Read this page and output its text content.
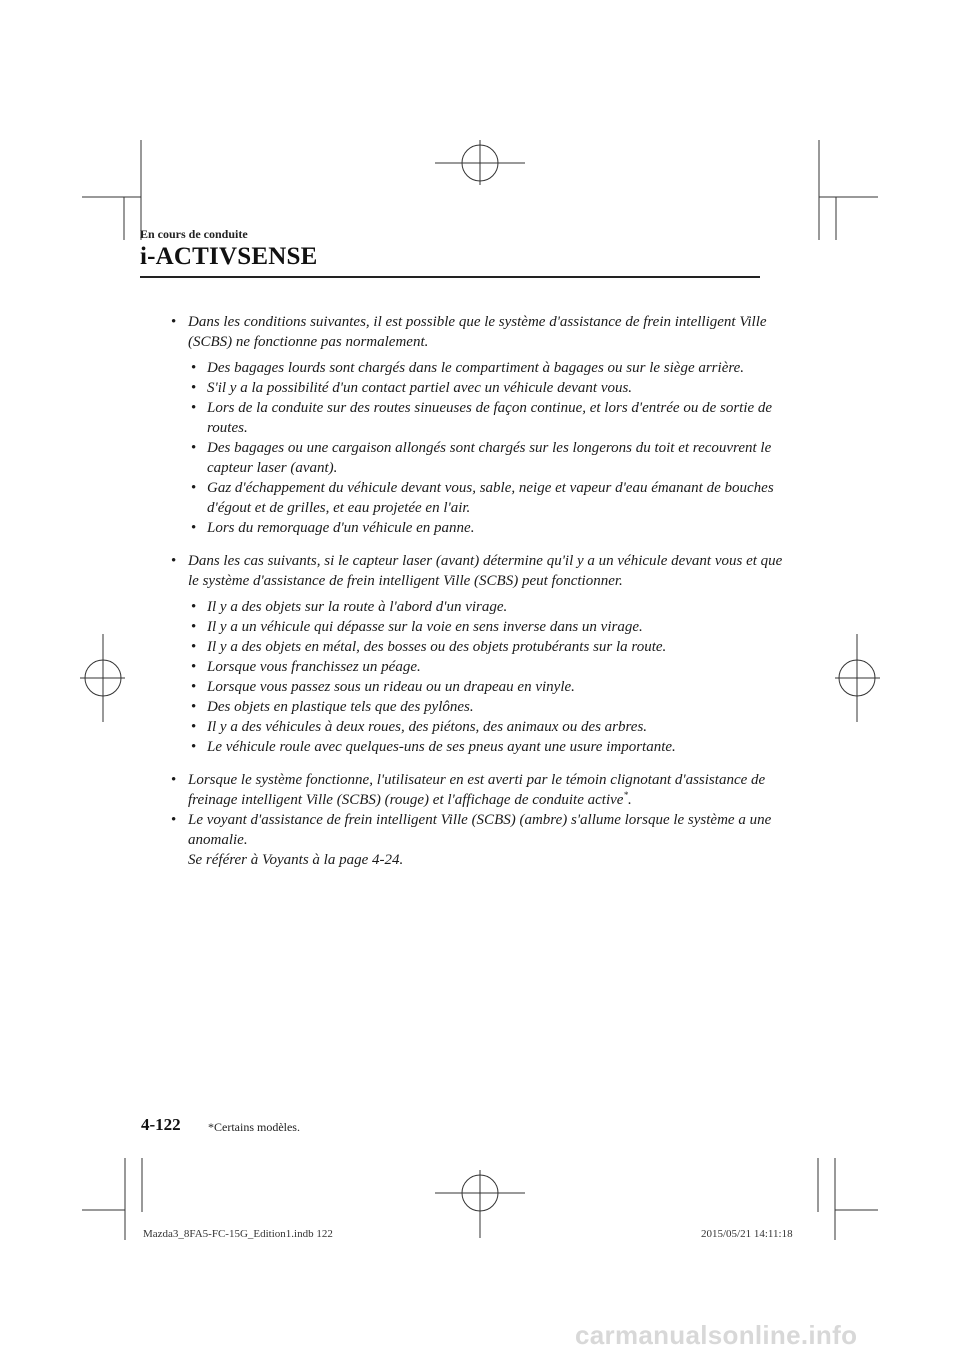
En cours de conduite
i-ACTIVSENSE
• Dans les conditions suivantes, il est possible que le système d'assistance de frein intelligent Ville (SCBS) ne fonctionne pas normalement.
• Des bagages lourds sont chargés dans le compartiment à bagages ou sur le siège arrière.
• S'il y a la possibilité d'un contact partiel avec un véhicule devant vous.
• Lors de la conduite sur des routes sinueuses de façon continue, et lors d'entrée ou de sortie de routes.
• Des bagages ou une cargaison allongés sont chargés sur les longerons du toit et recouvrent le capteur laser (avant).
• Gaz d'échappement du véhicule devant vous, sable, neige et vapeur d'eau émanant de bouches d'égout et de grilles, et eau projetée en l'air.
• Lors du remorquage d'un véhicule en panne.
• Dans les cas suivants, si le capteur laser (avant) détermine qu'il y a un véhicule devant vous et que le système d'assistance de frein intelligent Ville (SCBS) peut fonctionner.
• Il y a des objets sur la route à l'abord d'un virage.
• Il y a un véhicule qui dépasse sur la voie en sens inverse dans un virage.
• Il y a des objets en métal, des bosses ou des objets protubérants sur la route.
• Lorsque vous franchissez un péage.
• Lorsque vous passez sous un rideau ou un drapeau en vinyle.
• Des objets en plastique tels que des pylônes.
• Il y a des véhicules à deux roues, des piétons, des animaux ou des arbres.
• Le véhicule roule avec quelques-uns de ses pneus ayant une usure importante.
• Lorsque le système fonctionne, l'utilisateur en est averti par le témoin clignotant d'assistance de freinage intelligent Ville (SCBS) (rouge) et l'affichage de conduite active*.
• Le voyant d'assistance de frein intelligent Ville (SCBS) (ambre) s'allume lorsque le système a une anomalie.
Se référer à Voyants à la page 4-24.
4-122 *Certains modèles.
Mazda3_8FA5-FC-15G_Edition1.indb 122	2015/05/21 14:11:18
carmanualsonline.info
